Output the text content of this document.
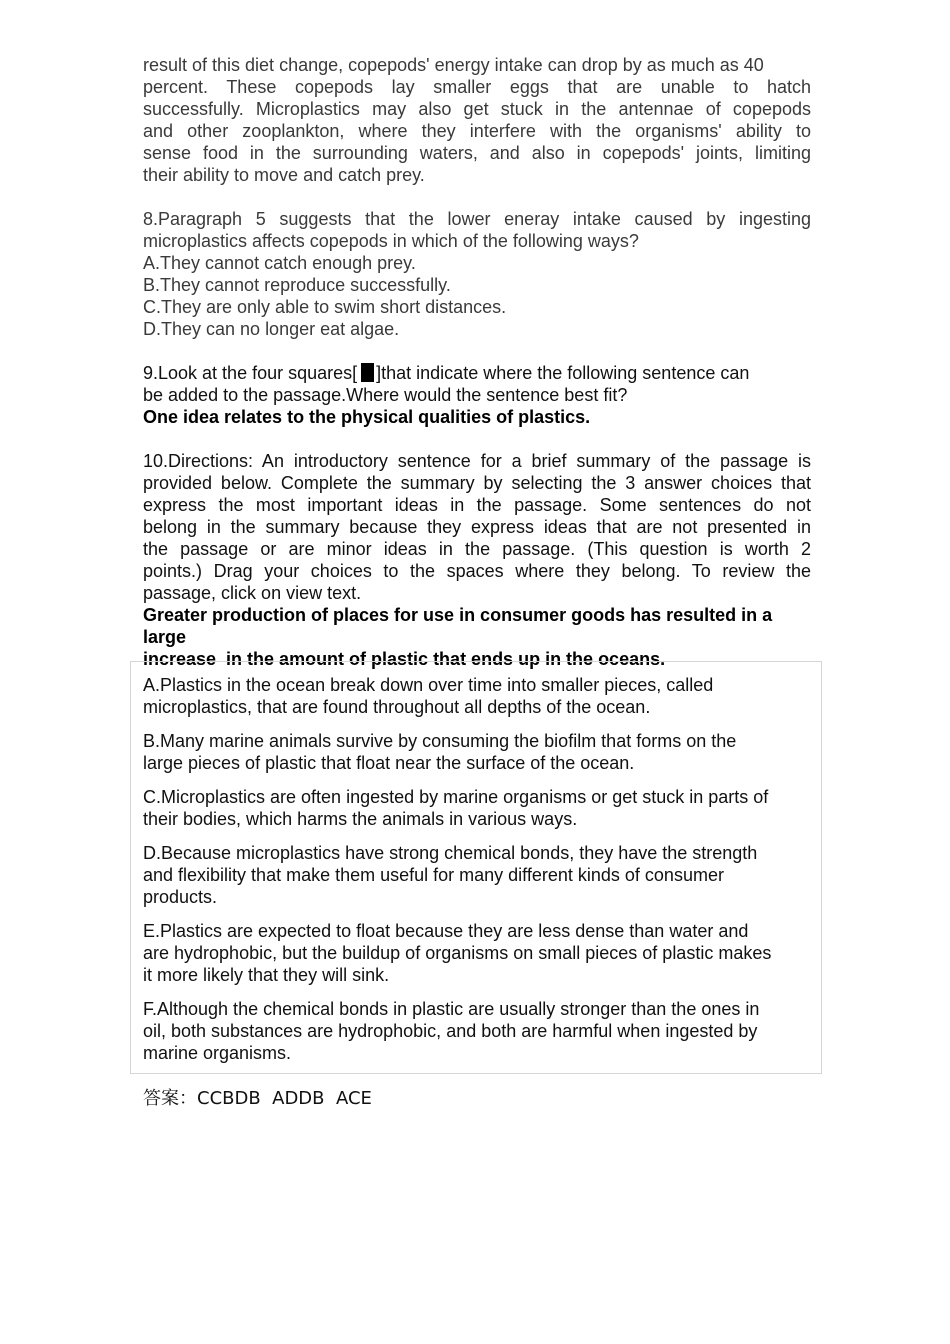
result of this diet change, copepods' energy intake can drop by as much as 40
percent. These copepods lay smaller eggs that are unable to hatch
successfully. Microplastics may also get stuck in the antennae of copepods
and other zooplankton, where they interfere with the organisms' ability to
sense food in the surrounding waters, and also in copepods' joints, limiting
their ability to move and catch prey.

8.Paragraph 5 suggests that the lower eneray intake caused by ingesting
microplastics affects copepods in which of the following ways?

A.They cannot catch enough prey.

B.They cannot reproduce successfully.

C.They are only able to swim short distances.

D.They can no longer eat algae.

9.Look at the four squares[ ]that indicate where the following sentence can
be added to the passage.Where would the sentence best fit?

One idea relates to the physical qualities of plastics.

10.Directions: An introductory sentence for a brief summary of the passage is
provided below. Complete the summary by selecting the 3 answer choices that
express the most important ideas in the passage. Some sentences do not
belong in the summary because they express ideas that are not presented in
the passage or are minor ideas in the passage. (This question is worth 2
points.) Drag your choices to the spaces where they belong. To review the
passage, click on view text.

Greater production of places for use in consumer goods has resulted in a large
increase  in the amount of plastic that ends up in the oceans.

A.Plastics in the ocean break down over time into smaller pieces, called
microplastics, that are found throughout all depths of the ocean.
B.Many marine animals survive by consuming the biofilm that forms on the
large pieces of plastic that float near the surface of the ocean.
C.Microplastics are often ingested by marine organisms or get stuck in parts of
their bodies, which harms the animals in various ways.
D.Because microplastics have strong chemical bonds, they have the strength
and flexibility that make them useful for many different kinds of consumer
products.
E.Plastics are expected to float because they are less dense than water and
are hydrophobic, but the buildup of organisms on small pieces of plastic makes
it more likely that they will sink.
F.Although the chemical bonds in plastic are usually stronger than the ones in
oil, both substances are hydrophobic, and both are harmful when ingested by
marine organisms.
答案：CCBDB  ADDB  ACE
